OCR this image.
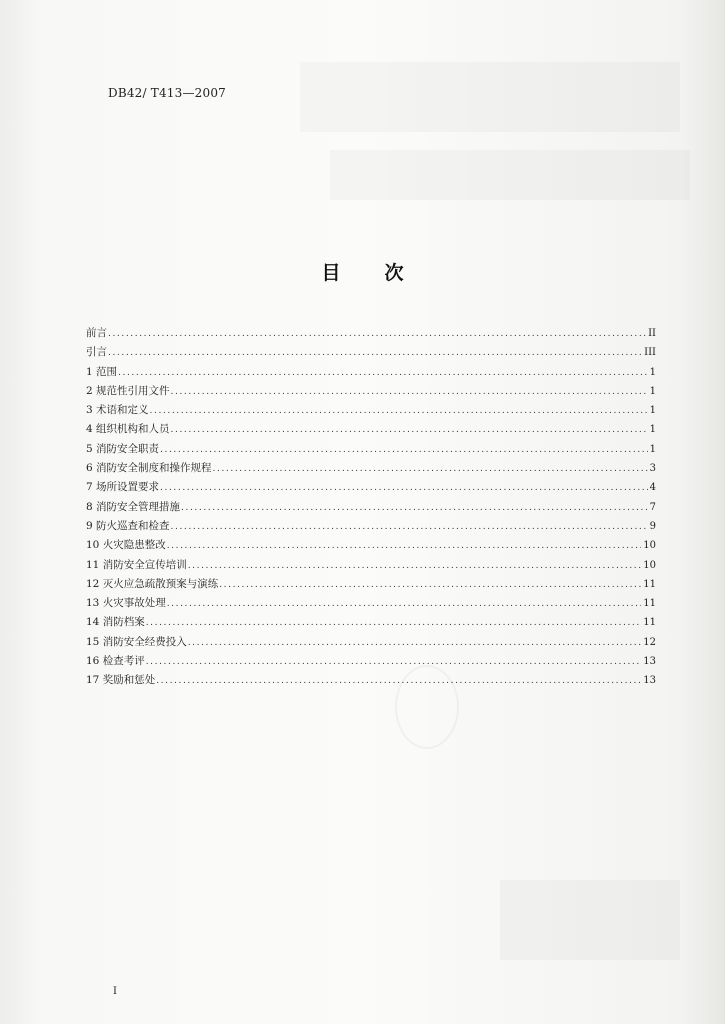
DB42/ T413—2007
目 次
前言 .....	II
引言 .....	III
1 范围 .....	1
2 规范性引用文件 .....	1
3 术语和定义 .....	1
4 组织机构和人员 .....	1
5 消防安全职责 .....	1
6 消防安全制度和操作规程 .....	3
7 场所设置要求 .....	4
8 消防安全管理措施 .....	7
9 防火巡查和检查 .....	9
10 火灾隐患整改 .....	10
11 消防安全宣传培训 .....	10
12 灭火应急疏散预案与演练 .....	11
13 火灾事故处理 .....	11
14 消防档案 .....	11
15 消防安全经费投入 .....	12
16 检查考评 .....	13
17 奖励和惩处 .....	13
I
